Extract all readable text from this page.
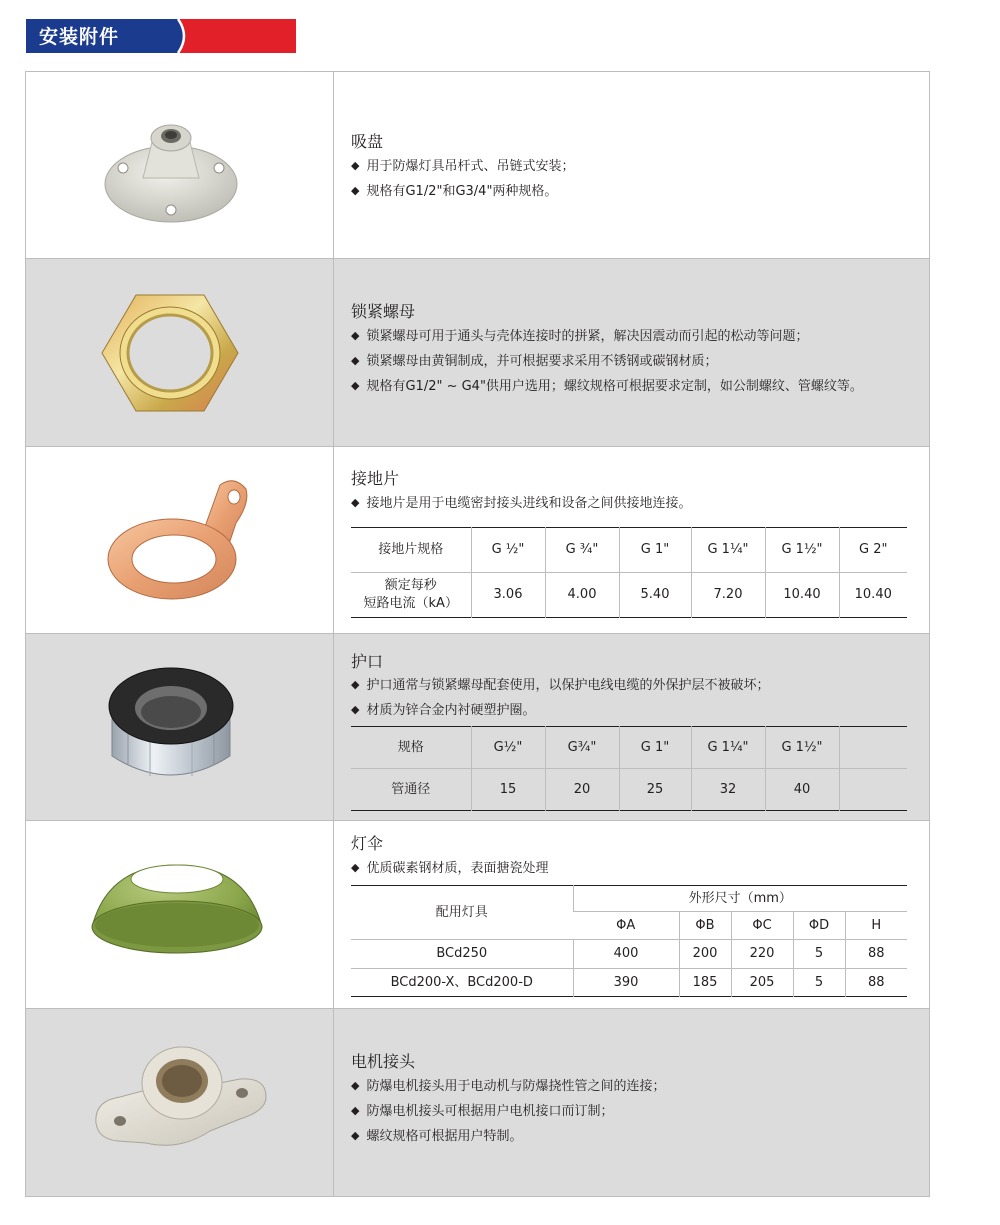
安装附件
吸盘
◆ 用于防爆灯具吊杆式、吊链式安装；
◆ 规格有G1/2"和G3/4"两种规格。
锁紧螺母
◆ 锁紧螺母可用于通头与壳体连接时的拼紧，解决因震动而引起的松动等问题；
◆ 锁紧螺母由黄铜制成，并可根据要求采用不锈钢或碳钢材质；
◆ 规格有G1/2" ~ G4"供用户选用；螺纹规格可根据要求定制，如公制螺纹、管螺纹等。
接地片
◆ 接地片是用于电缆密封接头进线和设备之间供接地连接。
接地片规格	G ½"	G ¾"	G 1"	G 1¼"	G 1½"	G 2"

额定每秒
短路电流（kA）	3.06	4.00	5.40	7.20	10.40	10.40
护口
◆ 护口通常与锁紧螺母配套使用，以保护电线电缆的外保护层不被破坏；
◆ 材质为锌合金内衬硬塑护圈。
规格	G½"	G¾"	G 1"	G 1¼"	G 1½"	
管通径	15	20	25	32	40	
灯伞
◆ 优质碳素钢材质，表面搪瓷处理
配用灯具	外形尺寸（mm）				
	ΦA	ΦB	ΦC	ΦD	H
BCd250	400	200	220	5	88
BCd200-X、BCd200-D	390	185	205	5	88
电机接头
◆ 防爆电机接头用于电动机与防爆挠性管之间的连接；
◆ 防爆电机接头可根据用户电机接口而订制；
◆ 螺纹规格可根据用户特制。
